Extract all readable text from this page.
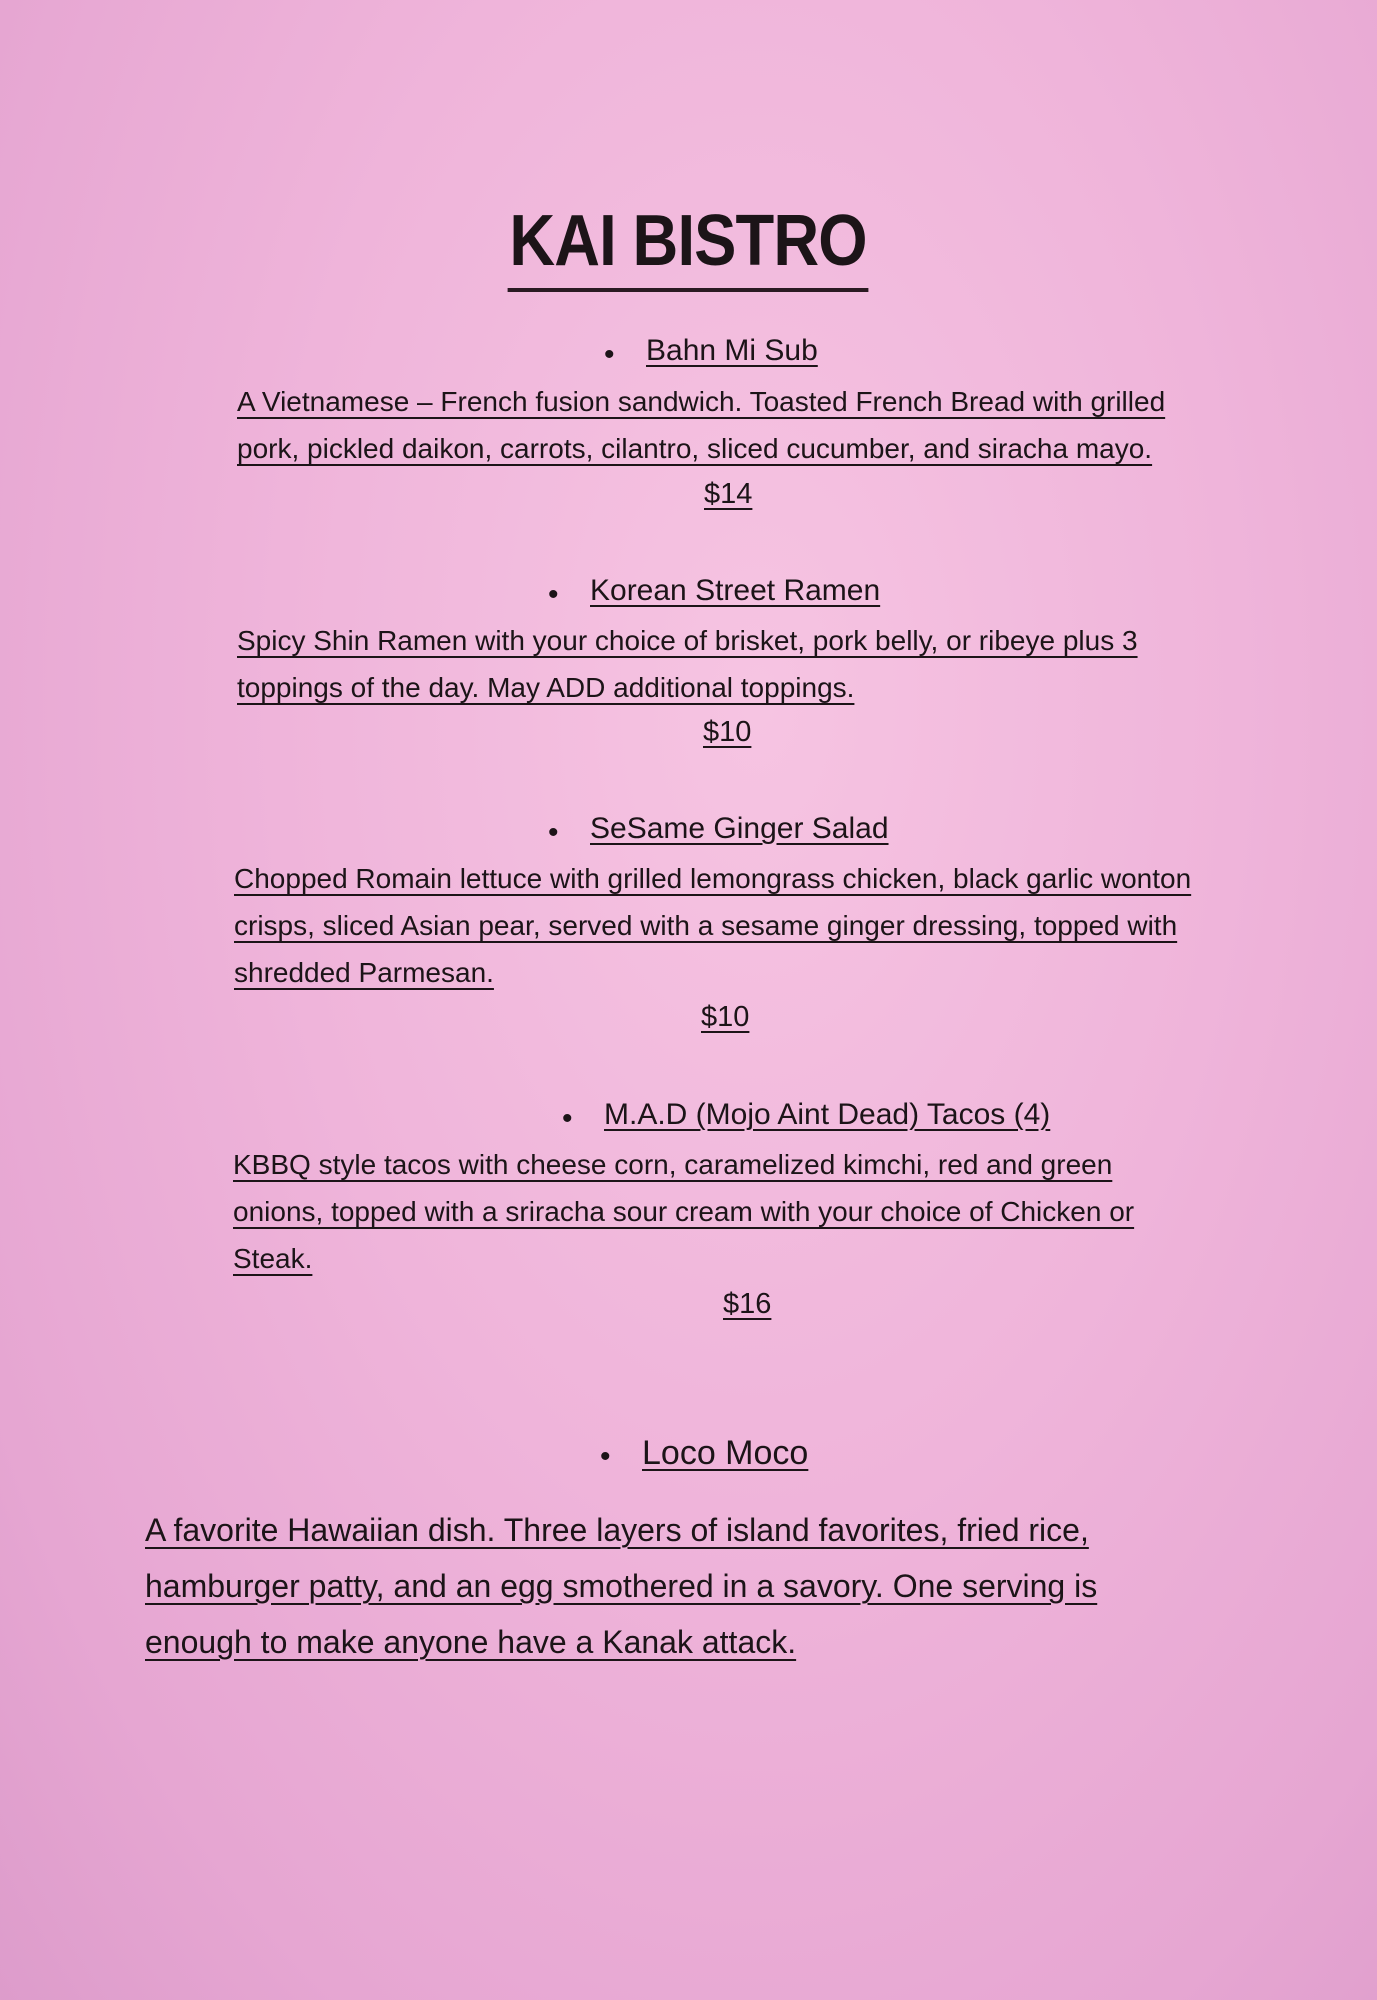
KAI BISTRO
• Bahn Mi Sub
A Vietnamese – French fusion sandwich. Toasted French Bread with grilled pork, pickled daikon, carrots, cilantro, sliced cucumber, and siracha mayo.
$14
• Korean Street Ramen
Spicy Shin Ramen with your choice of brisket, pork belly, or ribeye plus 3 toppings of the day. May ADD additional toppings.
$10
• SeSame Ginger Salad
Chopped Romain lettuce with grilled lemongrass chicken, black garlic wonton crisps, sliced Asian pear, served with a sesame ginger dressing, topped with shredded Parmesan.
$10
• M.A.D (Mojo Aint Dead) Tacos (4)
KBBQ style tacos with cheese corn, caramelized kimchi, red and green onions, topped with a sriracha sour cream with your choice of Chicken or Steak.
$16
• Loco Moco
A favorite Hawaiian dish. Three layers of island favorites, fried rice, hamburger patty, and an egg smothered in a savory. One serving is enough to make anyone have a Kanak attack.
